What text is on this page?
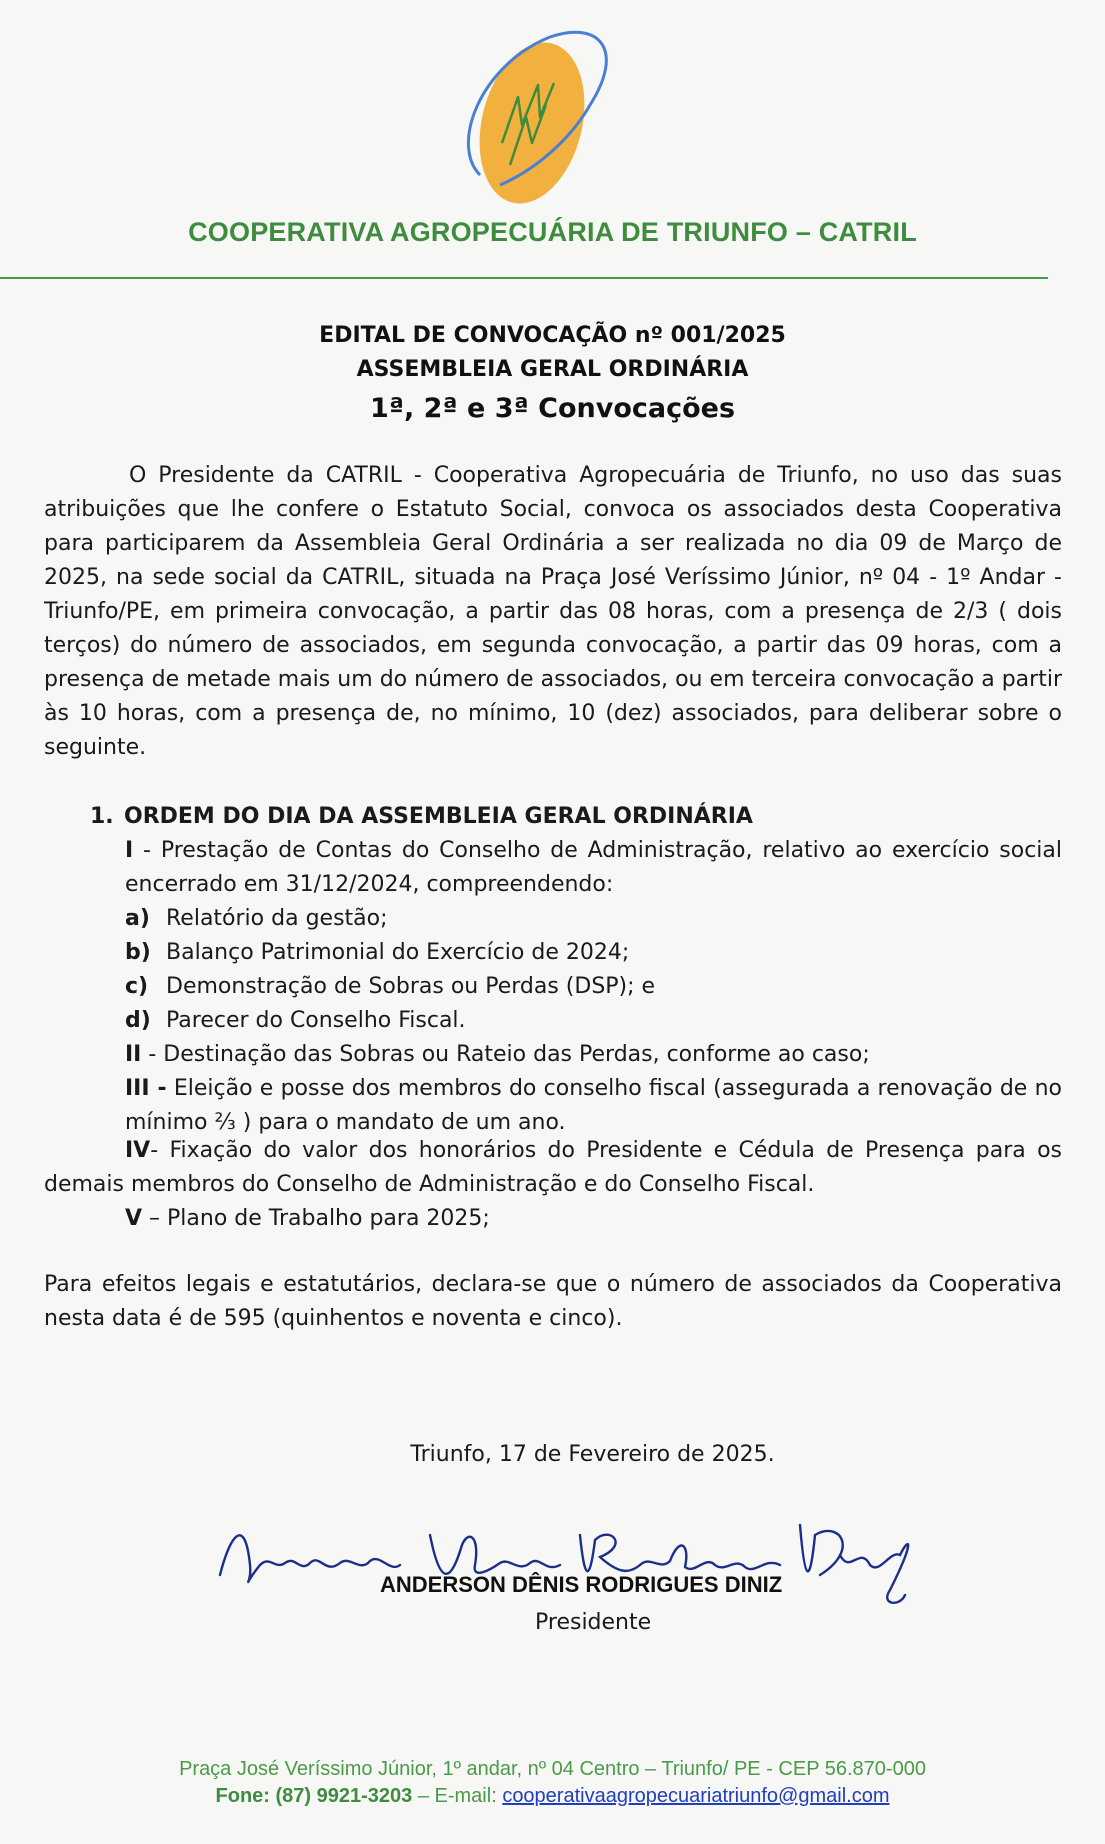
COOPERATIVA AGROPECUÁRIA DE TRIUNFO – CATRIL
EDITAL DE CONVOCAÇÃO nº 001/2025
ASSEMBLEIA GERAL ORDINÁRIA
1ª, 2ª e 3ª Convocações

O Presidente da CATRIL - Cooperativa Agropecuária de Triunfo, no uso das suas atribuições que lhe confere o Estatuto Social, convoca os associados desta Cooperativa para participarem da Assembleia Geral Ordinária a ser realizada no dia 09 de Março de 2025, na sede social da CATRIL, situada na Praça José Veríssimo Júnior, nº 04 - 1º Andar - Triunfo/PE, em primeira convocação, a partir das 08 horas, com a presença de 2/3 ( dois terços) do número de associados, em segunda convocação, a partir das 09 horas, com a presença de metade mais um do número de associados, ou em terceira convocação a partir às 10 horas, com a presença de, no mínimo, 10 (dez) associados, para deliberar sobre o seguinte.

1. ORDEM DO DIA DA ASSEMBLEIA GERAL ORDINÁRIA

I - Prestação de Contas do Conselho de Administração, relativo ao exercício social encerrado em 31/12/2024, compreendendo:

a) Relatório da gestão;

b) Balanço Patrimonial do Exercício de 2024;

c) Demonstração de Sobras ou Perdas (DSP); e

d) Parecer do Conselho Fiscal.

II - Destinação das Sobras ou Rateio das Perdas, conforme ao caso;

III - Eleição e posse dos membros do conselho fiscal (assegurada a renovação de no mínimo ⅔ ) para o mandato de um ano.

IV- Fixação do valor dos honorários do Presidente e Cédula de Presença para os demais membros do Conselho de Administração e do Conselho Fiscal.

V – Plano de Trabalho para 2025;
Para efeitos legais e estatutários, declara-se que o número de associados da Cooperativa nesta data é de 595 (quinhentos e noventa e cinco).
Triunfo, 17 de Fevereiro de 2025.
ANDERSON DÊNIS RODRIGUES DINIZ
Presidente
Praça José Veríssimo Júnior, 1º andar, nº 04 Centro – Triunfo/ PE - CEP 56.870-000
Fone: (87) 9921-3203 – E-mail: cooperativaagropecuariatriunfo@gmail.com
